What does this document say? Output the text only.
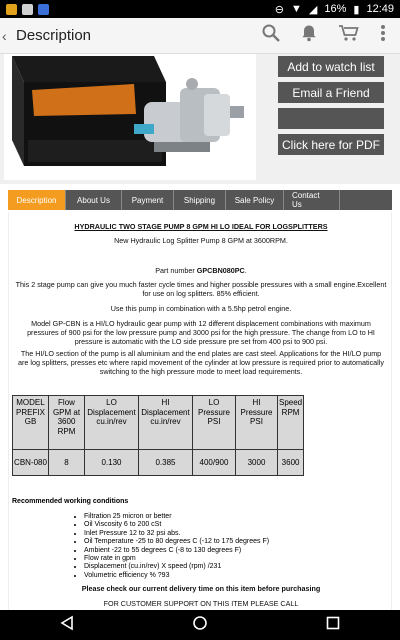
⊖ ▼ ◢ 16% ▮ 12:49
‹ Description
Add to watch list
Email a Friend
Click here for PDF
Description	About Us	Payment	Shipping	Sale Policy	Contact Us
HYDRAULIC TWO STAGE PUMP 8 GPM HI LO IDEAL FOR LOGSPLITTERS
New Hydraulic Log Splitter Pump 8 GPM at 3600RPM.
Part number GPCBN080PC.
This 2 stage pump can give you much faster cycle times and higher possible pressures with a small engine.Excellent for use on log splitters. 85% efficient.
Use this pump in combination with a 5.5hp petrol engine.
Model GP-CBN is a HI/LO hydraulic gear pump with 12 different displacement combinations with maximum pressures of 900 psi for the low pressure pump and 3000 psi for the high pressure. The change from LO to HI pressure is automatic with the LO side pressure pre set from 400 psi to 900 psi.
The HI/LO section of the pump is all aluminium and the end plates are cast steel. Applications for the HI/LO pump are log splitters, presses etc where rapid movement of the cylinder at low pressure is required prior to automatically switching to the high pressure mode to meet load requirements.
MODEL PREFIX GB	Flow GPM at 3600 RPM	LO Displacement cu.in/rev	HI Displacement cu.in/rev	LO Pressure PSI	HI Pressure PSI	Speed RPM
CBN-080	8	0.130	0.385	400/900	3000	3600
Recommended working conditions
• Filtration 25 micron or better
• Oil Viscosity 6 to 200 cSt
• Inlet Pressure 12 to 32 psi abs.
• Oil Temperature -25 to 80 degrees C (-12 to 175 degrees F)
• Ambient -22 to 55 degrees C (-8 to 130 degrees F)
• Flow rate in gpm
• Displacement (cu.in/rev) X speed (rpm) /231
• Volumetric efficiency % ?93
Please check our current delivery time on this item before purchasing
FOR CUSTOMER SUPPORT ON THIS ITEM PLEASE CALL
